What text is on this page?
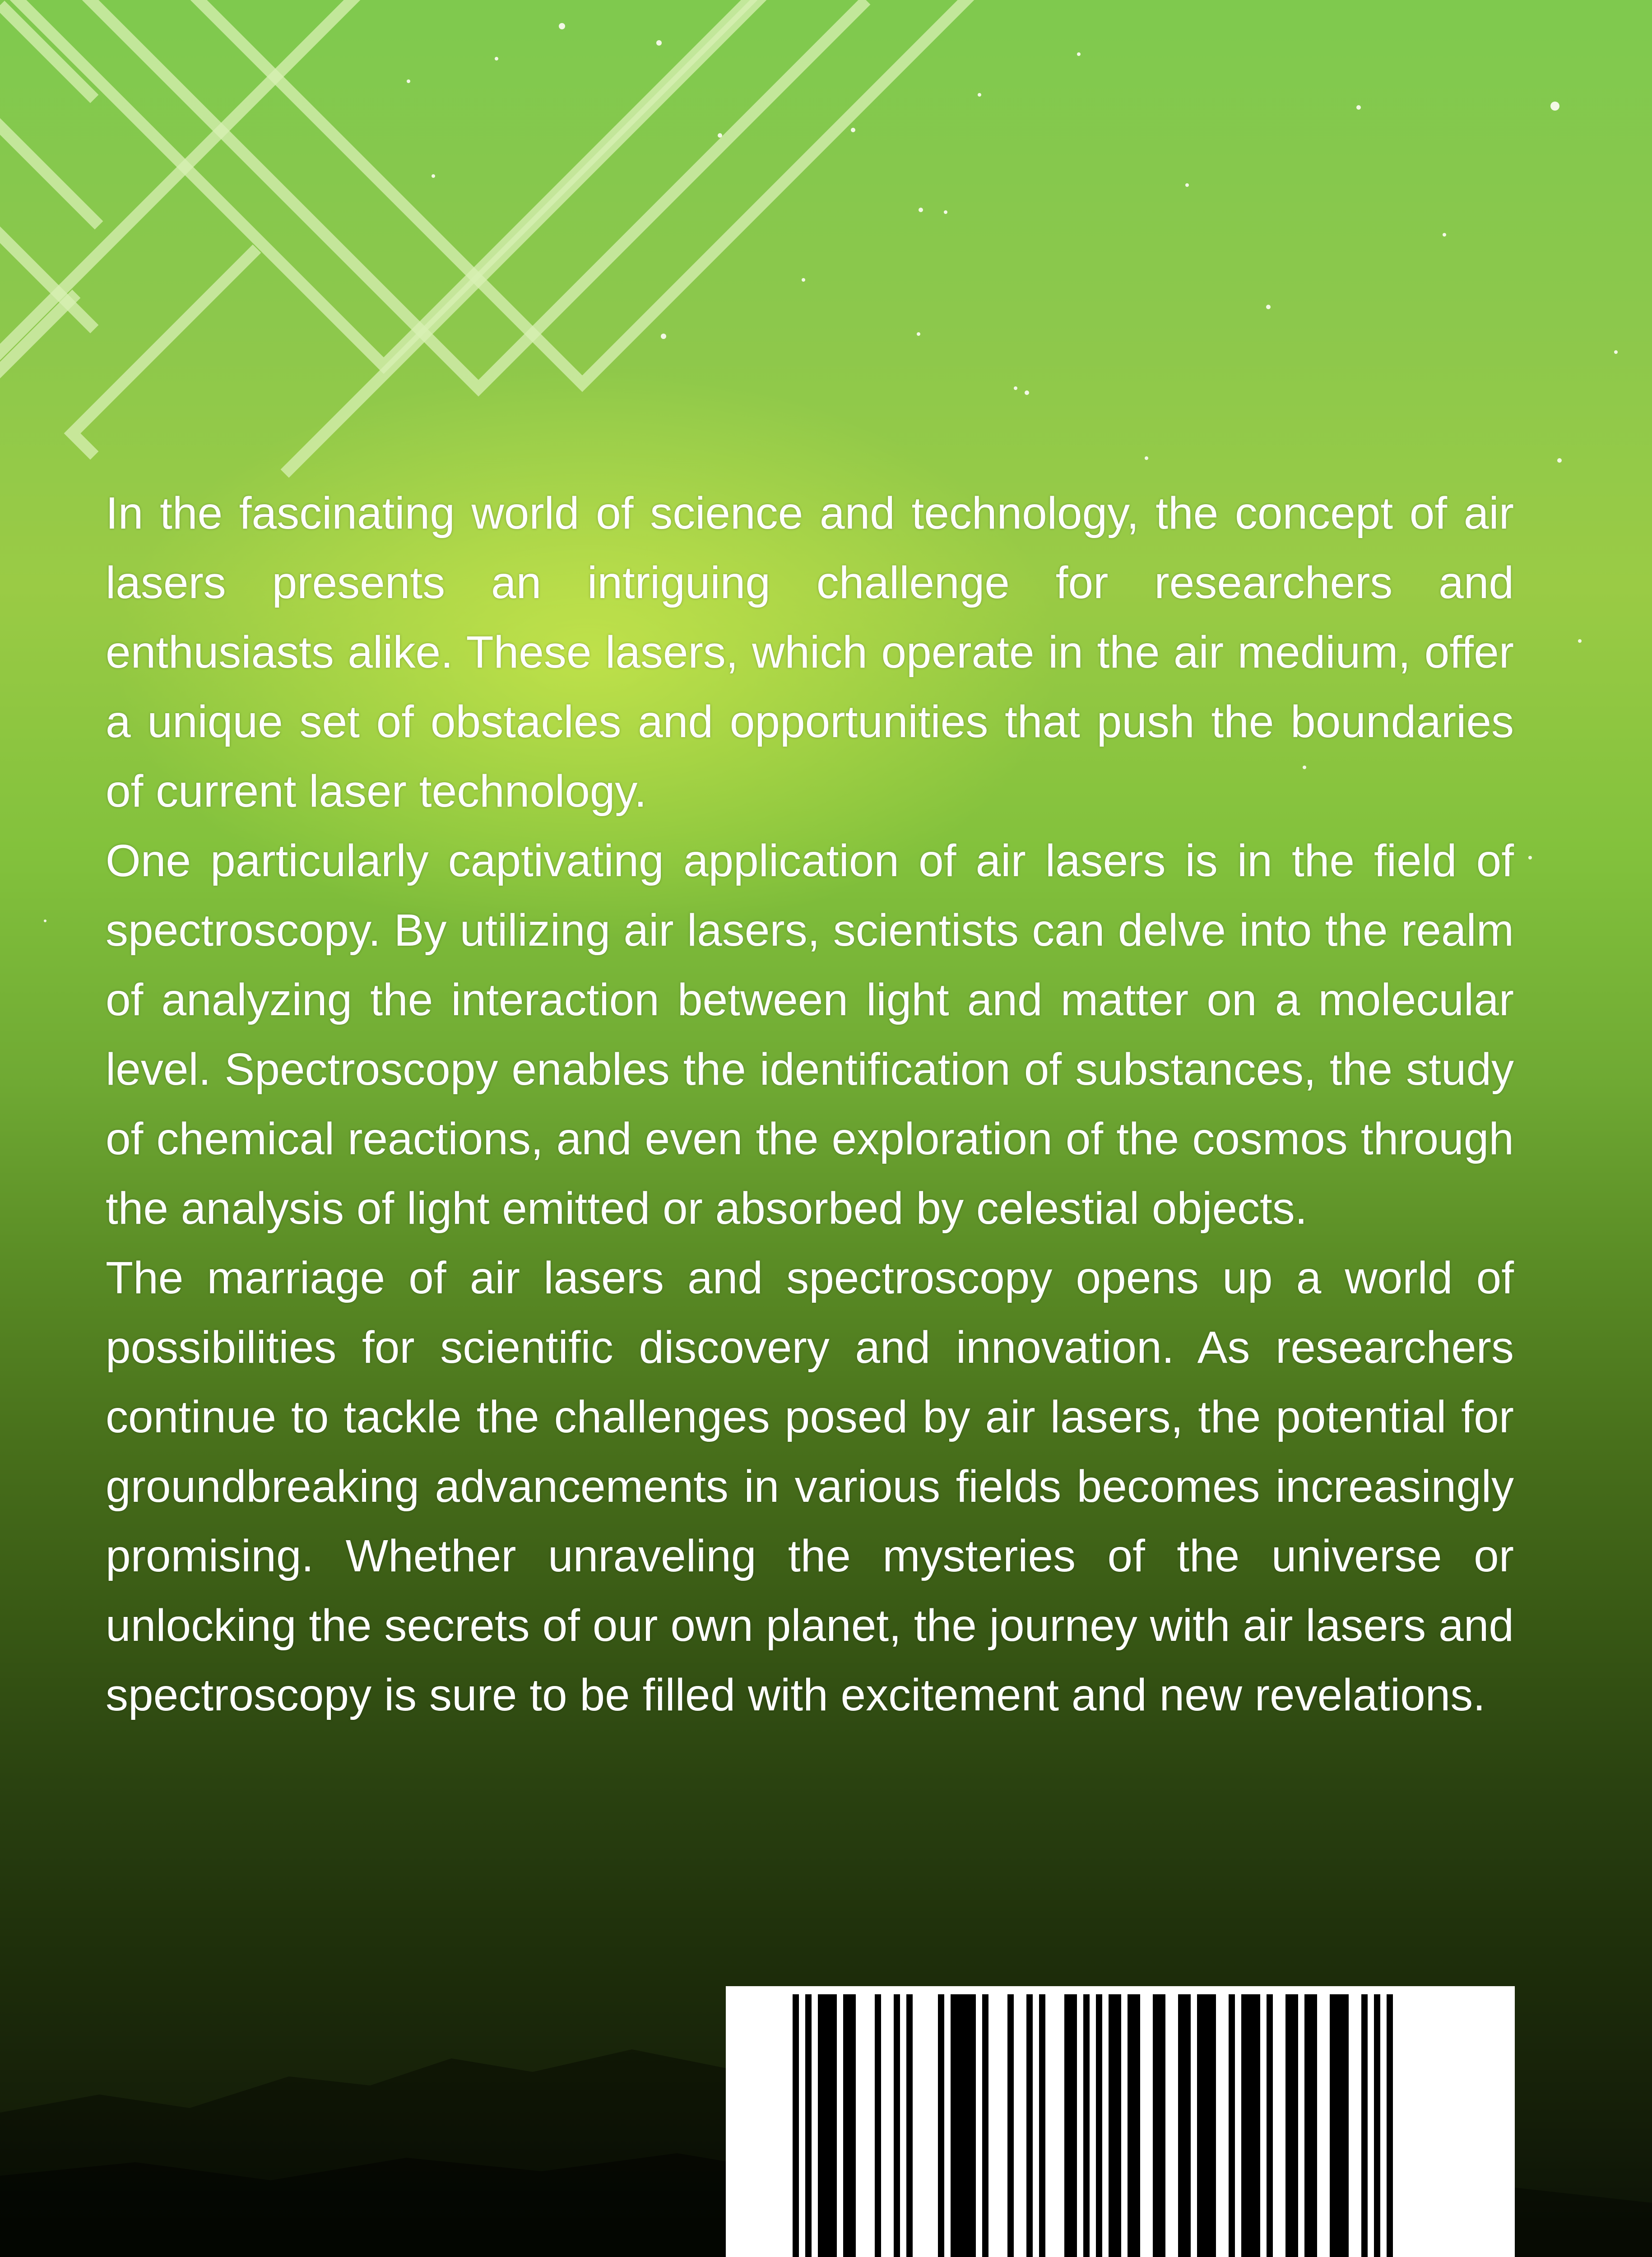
In the fascinating world of science and technology, the concept of air lasers presents an intriguing challenge for researchers and enthusiasts alike. These lasers, which operate in the air medium, offer a unique set of obstacles and opportunities that push the boundaries of current laser technology.

One particularly captivating application of air lasers is in the field of spectroscopy. By utilizing air lasers, scientists can delve into the realm of analyzing the interaction between light and matter on a molecular level. Spectroscopy enables the identification of substances, the study of chemical reactions, and even the exploration of the cosmos through the analysis of light emitted or absorbed by celestial objects.

The marriage of air lasers and spectroscopy opens up a world of possibilities for scientific discovery and innovation. As researchers continue to tackle the challenges posed by air lasers, the potential for groundbreaking advancements in various fields becomes increasingly promising. Whether unraveling the mysteries of the universe or unlocking the secrets of our own planet, the journey with air lasers and spectroscopy is sure to be filled with excitement and new revelations.
